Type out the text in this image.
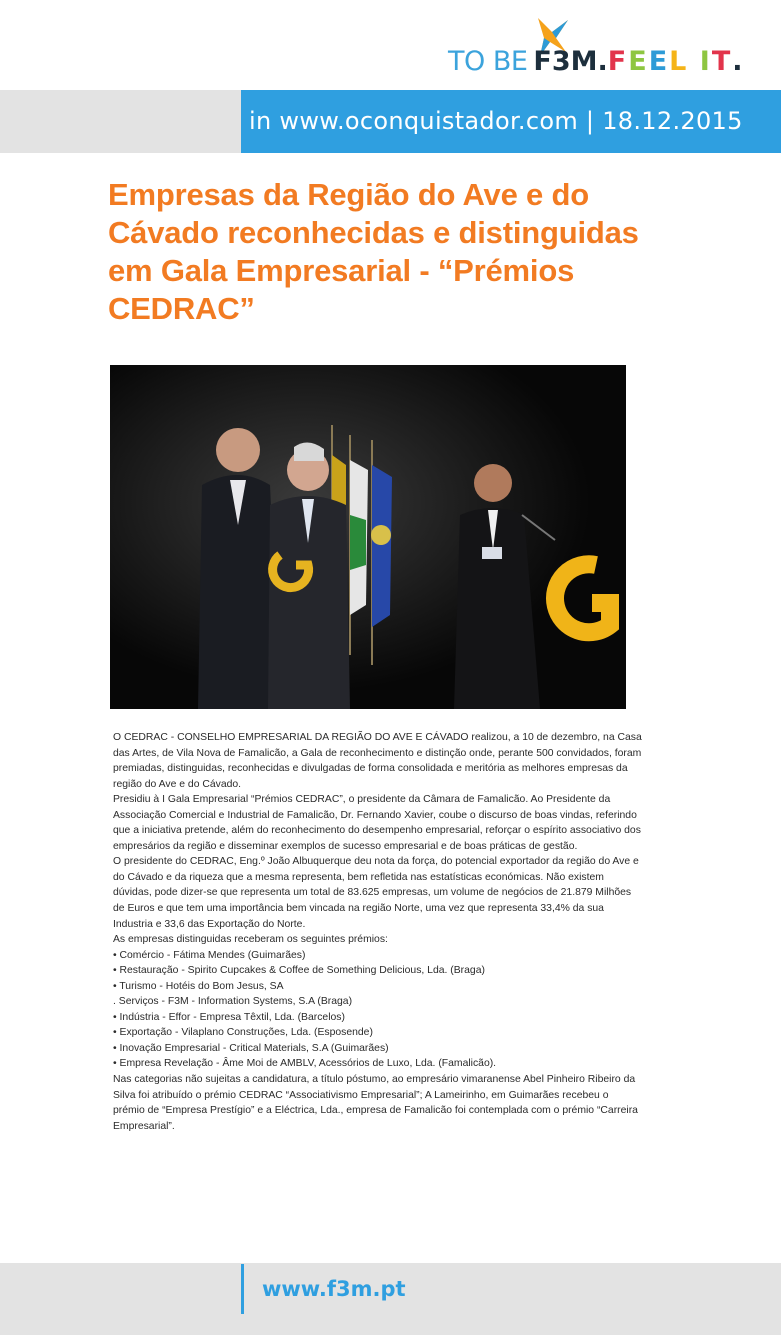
TO BE F3M.FEEL IT.
in www.oconquistador.com | 18.12.2015
Empresas da Região do Ave e do Cávado reconhecidas e distinguidas em Gala Empresarial - “Prémios CEDRAC”

O CEDRAC - CONSELHO EMPRESARIAL DA REGIÃO DO AVE E CÁVADO realizou, a 10 de dezembro, na Casa das Artes, de Vila Nova de Famalicão, a Gala de reconhecimento e distinção onde, perante 500 convidados, foram premiadas, distinguidas, reconhecidas e divulgadas de forma consolidada e meritória as melhores empresas da região do Ave e do Cávado.

Presidiu à I Gala Empresarial “Prémios CEDRAC”, o presidente da Câmara de Famalicão. Ao Presidente da Associação Comercial e Industrial de Famalicão, Dr. Fernando Xavier, coube o discurso de boas vindas, referindo que a iniciativa pretende, além do reconhecimento do desempenho empresarial, reforçar o espírito associativo dos empresários da região e disseminar exemplos de sucesso empresarial e de boas práticas de gestão.

O presidente do CEDRAC, Eng.º João Albuquerque deu nota da força, do potencial exportador da região do Ave e do Cávado e da riqueza que a mesma representa, bem refletida nas estatísticas económicas. Não existem dúvidas, pode dizer-se que representa um total de 83.625 empresas, um volume de negócios de 21.879 Milhões de Euros e que tem uma importância bem vincada na região Norte, uma vez que representa 33,4% da sua Industria e 33,6 das Exportação do Norte.

As empresas distinguidas receberam os seguintes prémios:

• Comércio - Fátima Mendes (Guimarães)
• Restauração - Spirito Cupcakes & Coffee de Something Delicious, Lda. (Braga)
• Turismo - Hotéis do Bom Jesus, SA
. Serviços - F3M - Information Systems, S.A (Braga)
• Indústria - Effor - Empresa Têxtil, Lda. (Barcelos)
• Exportação - Vilaplano Construções, Lda. (Esposende)
• Inovação Empresarial - Critical Materials, S.A (Guimarães)
• Empresa Revelação - Âme Moi de AMBLV, Acessórios de Luxo, Lda. (Famalicão).

Nas categorias não sujeitas a candidatura, a título póstumo, ao empresário vimaranense Abel Pinheiro Ribeiro da Silva foi atribuído o prémio CEDRAC “Associativismo Empresarial”; A Lameirinho, em Guimarães recebeu o prémio de “Empresa Prestígio” e a Eléctrica, Lda., empresa de Famalicão foi contemplada com o prémio “Carreira Empresarial”.

www.f3m.pt
